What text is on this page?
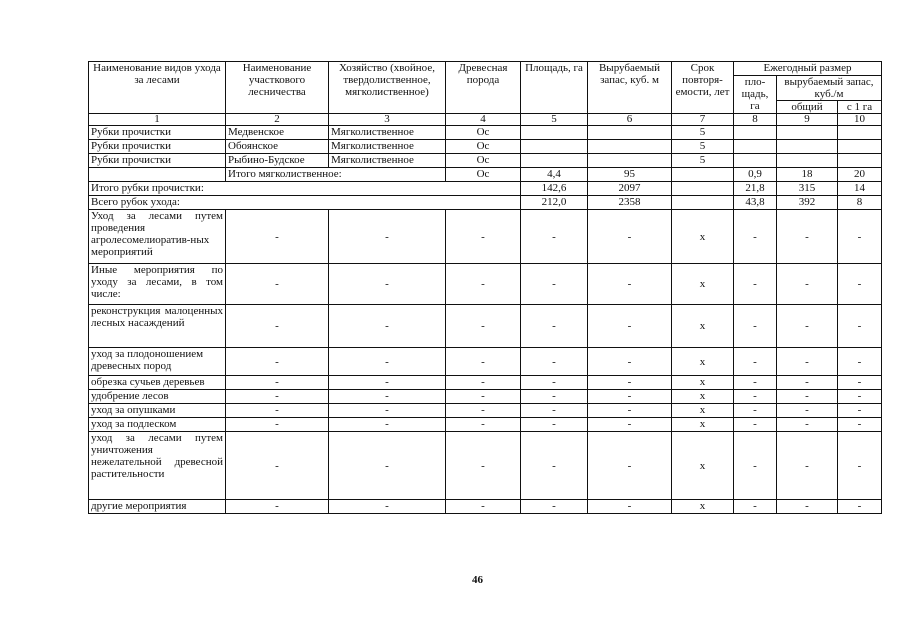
Наименование видов ухода за лесами	Наименование участкового лесничества	Хозяйство (хвойное, твердолиственное, мягколиственное)	Древесная порода	Площадь, га	Вырубаемый запас, куб. м	Срок повторя-емости, лет	Ежегодный размер		
							пло-щадь, га	вырубаемый запас, куб./м	
								общий	с 1 га
1	2	3	4	5	6	7	8	9	10
Рубки прочистки	Медвенское	Мягколиственное	Ос			5			
Рубки прочистки	Обоянское	Мягколиственное	Ос			5			
Рубки прочистки	Рыбино-Будское	Мягколиственное	Ос			5			
	Итого мягколиственное:		Ос	4,4	95		0,9	18	20
Итого рубки прочистки:				142,6	2097		21,8	315	14
Всего рубок ухода:				212,0	2358		43,8	392	8
Уход за лесами путем проведения агролесомелиоратив-ных мероприятий	-	-	-	-	-	х	-	-	-
Иные мероприятия по уходу за лесами, в том числе:	-	-	-	-	-	х	-	-	-
реконструкция малоценных лесных насаждений	-	-	-	-	-	х	-	-	-
уход за плодоношением древесных пород	-	-	-	-	-	х	-	-	-
обрезка сучьев деревьев	-	-	-	-	-	х	-	-	-
удобрение лесов	-	-	-	-	-	х	-	-	-
уход за опушками	-	-	-	-	-	х	-	-	-
уход за подлеском	-	-	-	-	-	х	-	-	-
уход за лесами путем уничтожения нежелательной древесной растительности	-	-	-	-	-	х	-	-	-
другие мероприятия	-	-	-	-	-	х	-	-	-
46
